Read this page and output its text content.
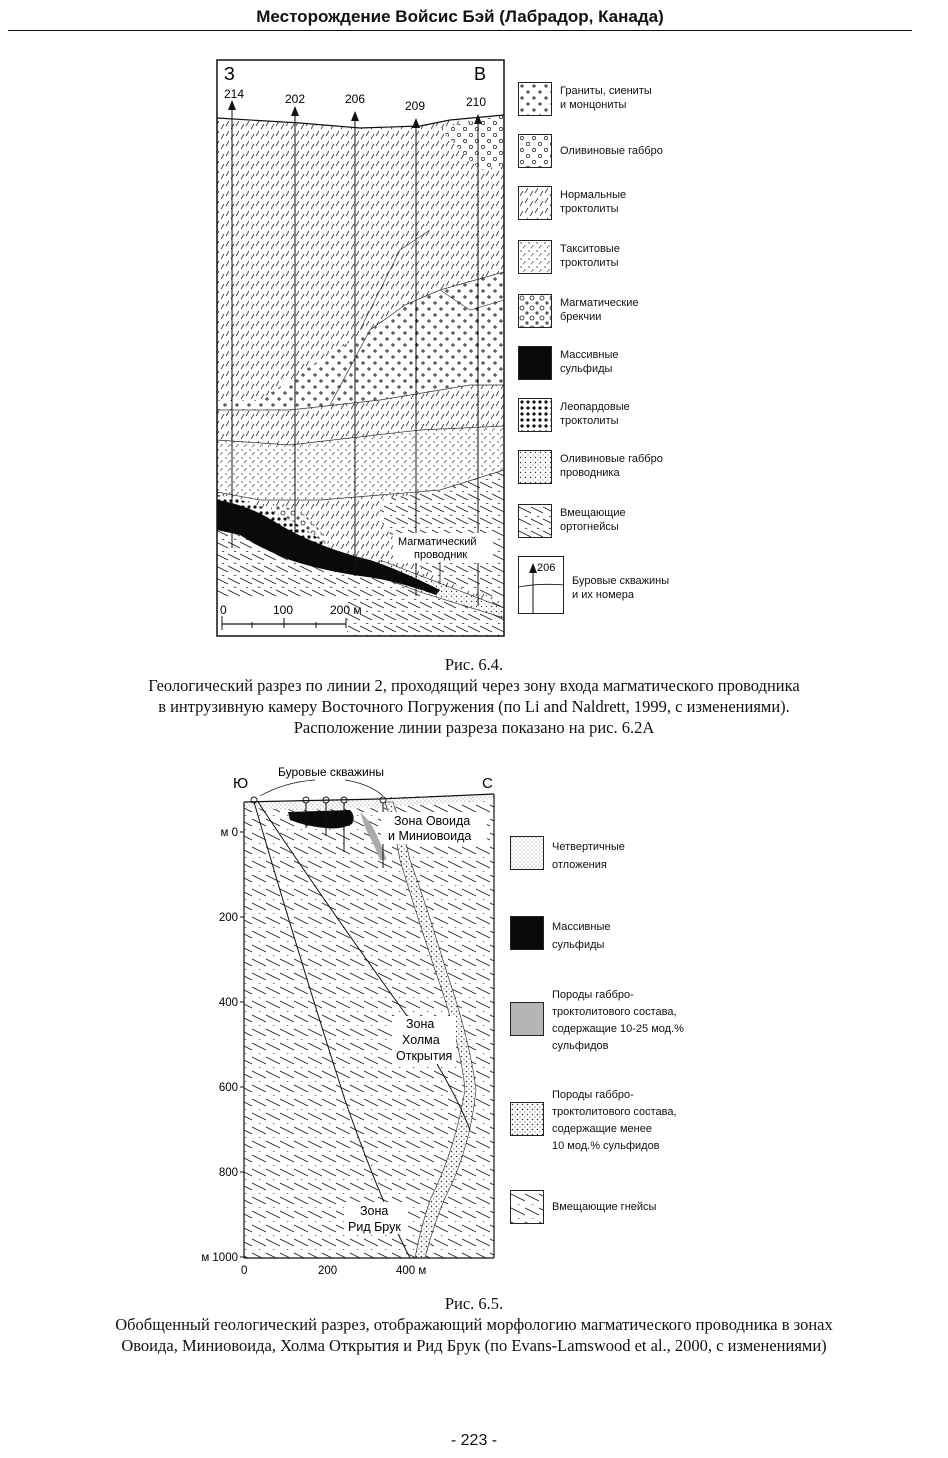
Месторождение Войсис Бэй (Лабрадор, Канада)
З	В
214	202	206	209	210
Магматический
проводник
0	100	200 м
Граниты, сиениты
и монцониты
Оливиновые габбро
Нормальные
троктолиты
Такситовые
троктолиты
Магматические
брекчии
Массивные
сульфиды
Леопардовые
троктолиты
Оливиновые габбро
проводника
Вмещающие
ортогнейсы
206
Буровые скважины
и их номера
Рис. 6.4.
Геологический разрез по линии 2, проходящий через зону входа магматического проводника
в интрузивную камеру Восточного Погружения (по Li and Naldrett, 1999, с изменениями).
Расположение линии разреза показано на рис. 6.2А
Ю	С
Буровые скважины
Зона Овоида
и Миниовоида
Зона
Холма
Открытия
Зона
Рид Брук
м 0
200
400
600
800
м 1000
0	200	400 м
Четвертичные
отложения
Массивные
сульфиды
Породы габбро-
троктолитового состава,
содержащие 10-25 мод.%
сульфидов
Породы габбро-
троктолитового состава,
содержащие менее
10 мод.% сульфидов
Вмещающие гнейсы
Рис. 6.5.
Обобщенный геологический разрез, отображающий морфологию магматического проводника в зонах
Овоида, Миниовоида, Холма Открытия и Рид Брук (по Evans-Lamswood et al., 2000, с изменениями)
- 223 -
